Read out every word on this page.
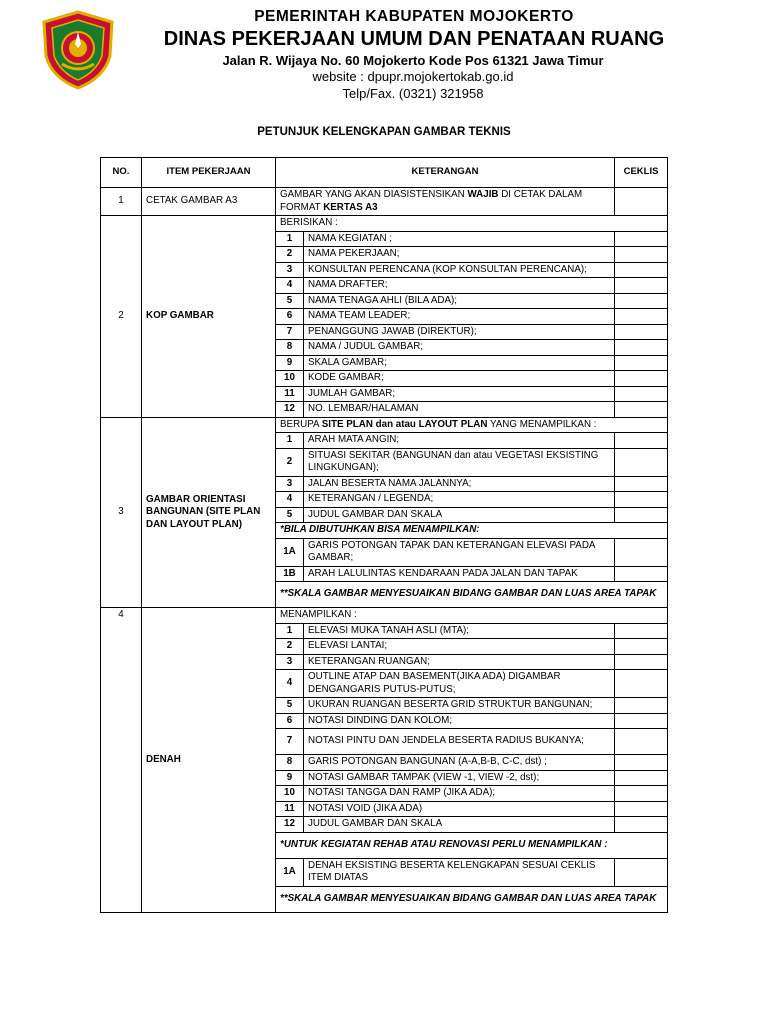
PEMERINTAH KABUPATEN MOJOKERTO
DINAS PEKERJAAN UMUM DAN PENATAAN RUANG
Jalan R. Wijaya No. 60 Mojokerto Kode Pos 61321 Jawa Timur
website : dpupr.mojokertokab.go.id
Telp/Fax. (0321) 321958
PETUNJUK KELENGKAPAN GAMBAR TEKNIS
NO.	ITEM PEKERJAAN	KETERANGAN		CEKLIS
1	CETAK GAMBAR A3	GAMBAR YANG AKAN DIASISTENSIKAN WAJIB DI CETAK DALAM FORMAT KERTAS A3		
2	KOP GAMBAR	BERISIKAN :		
		1	NAMA KEGIATAN ;	
		2	NAMA PEKERJAAN;	
		3	KONSULTAN PERENCANA (KOP KONSULTAN PERENCANA);	
		4	NAMA DRAFTER;	
		5	NAMA TENAGA AHLI (BILA ADA);	
		6	NAMA TEAM LEADER;	
		7	PENANGGUNG JAWAB (DIREKTUR);	
		8	NAMA / JUDUL GAMBAR;	
		9	SKALA GAMBAR;	
		10	KODE GAMBAR;	
		11	JUMLAH GAMBAR;	
		12	NO. LEMBAR/HALAMAN	
3	GAMBAR ORIENTASI BANGUNAN (SITE PLAN DAN LAYOUT PLAN)	BERUPA SITE PLAN dan atau LAYOUT PLAN YANG MENAMPILKAN :		
		1	ARAH MATA ANGIN;	
		2	SITUASI SEKITAR (BANGUNAN dan atau VEGETASI EKSISTING LINGKUNGAN);	
		3	JALAN BESERTA NAMA JALANNYA;	
		4	KETERANGAN / LEGENDA;	
		5	JUDUL GAMBAR DAN SKALA	
		*BILA DIBUTUHKAN BISA MENAMPILKAN:		
		1A	GARIS POTONGAN TAPAK DAN KETERANGAN ELEVASI PADA GAMBAR;	
		1B	ARAH LALULINTAS KENDARAAN PADA JALAN DAN TAPAK	
		**SKALA GAMBAR MENYESUAIKAN BIDANG GAMBAR DAN LUAS AREA TAPAK		
4	DENAH	MENAMPILKAN :		
		1	ELEVASI MUKA TANAH ASLI (MTA);	
		2	ELEVASI LANTAI;	
		3	KETERANGAN RUANGAN;	
		4	OUTLINE ATAP DAN BASEMENT(JIKA ADA) DIGAMBAR DENGANGARIS PUTUS-PUTUS;	
		5	UKURAN RUANGAN BESERTA GRID STRUKTUR BANGUNAN;	
		6	NOTASI DINDING DAN KOLOM;	
		7	NOTASI PINTU DAN JENDELA BESERTA RADIUS BUKANYA;	
		8	GARIS POTONGAN BANGUNAN (A-A,B-B, C-C, dst) ;	
		9	NOTASI GAMBAR TAMPAK (VIEW -1, VIEW -2, dst);	
		10	NOTASI TANGGA DAN RAMP (JIKA ADA);	
		11	NOTASI VOID (JIKA ADA)	
		12	JUDUL GAMBAR DAN SKALA	
		*UNTUK KEGIATAN REHAB ATAU RENOVASI PERLU MENAMPILKAN :		
		1A	DENAH EKSISTING BESERTA KELENGKAPAN SESUAI CEKLIS ITEM DIATAS	
		**SKALA GAMBAR MENYESUAIKAN BIDANG GAMBAR DAN LUAS AREA TAPAK		
